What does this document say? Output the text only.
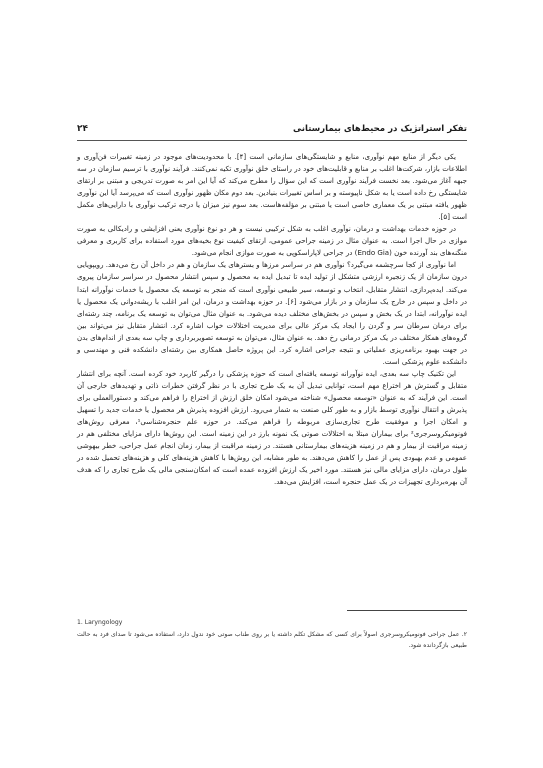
تفکر استراتژیک در محیط‌های بیمارستانی
۲۴

یکی دیگر از منابع مهم نوآوری، منابع و شایستگی‌های سازمانی است [۴]. با محدودیت‌های موجود در زمینه تغییرات فن‌آوری و اطلاعات بازار، شرکت‌ها اغلب بر منابع و قابلیت‌های خود در راستای خلق نوآوری تکیه نمی‌کنند. فرآیند نوآوری با ترسیم سازمان در سه جبهه آغاز می‌شود. بعد نخست فرآیند نوآوری است که این سؤال را مطرح می‌کند که آیا این امر به صورت تدریجی و مبتنی بر ارتقای شایستگی رخ داده است یا به شکل ناپیوسته و بر اساس تغییرات بنیادین. بعد دوم مکان ظهور نوآوری است که می‌پرسد آیا این نوآوری ظهور یافته مبتنی بر یک معماری خاصی است یا مبتنی بر مؤلفه‌هاست. بعد سوم نیز میزان یا درجه ترکیب نوآوری با دارایی‌های مکمل است [۵].

در حوزه خدمات بهداشت و درمان، نوآوری اغلب به شکل ترکیبی نیست و هر دو نوع نوآوری یعنی افزایشی و رادیکالی به صورت موازی در حال اجرا است. به عنوان مثال در زمینه جراحی عمومی، ارتقای کیفیت نوع بخیه‌های مورد استفاده برای کاربری و معرفی منگنه‌های بند آورنده خون (Endo Gia) در جراحی لاپاراسکوپی به صورت موازی انجام می‌شود.

اما نوآوری از کجا سرچشمه می‌گیرد؟ نوآوری هم در سراسر مرزها و بسترهای یک سازمان و هم در داخل آن رخ می‌دهد. رویپویایی درون سازمان از یک زنجیره ارزشی متشکل از تولید ایده تا تبدیل ایده به محصول و سپس انتشار محصول در سراسر سازمان پیروی می‌کند. ایده‌پردازی، انتشار متقابل، انتخاب و توسعه، سیر طبیعی نوآوری است که منجر به توسعه یک محصول یا خدمات نوآورانه ابتدا در داخل و سپس در خارج یک سازمان و در بازار می‌شود [۶]. در حوزه بهداشت و درمان، این امر اغلب با ریشه‌دوانی یک محصول یا ایده نوآورانه، ابتدا در یک بخش و سپس در بخش‌های مختلف دیده می‌شود. به عنوان مثال می‌توان به توسعه یک برنامه، چند رشته‌ای برای درمان سرطان سر و گردن را ایجاد یک مرکز عالی برای مدیریت اختلالات خواب اشاره کرد. انتشار متقابل نیز می‌تواند بین گروه‌های همکار مختلف در یک مرکز درمانی رخ دهد. به عنوان مثال، می‌توان به توسعه تصویربرداری و چاپ سه بعدی از اندام‌های بدن در جهت بهبود برنامه‌ریزی عملیاتی و نتیجه جراحی اشاره کرد. این پروژه حاصل همکاری بین رشته‌ای دانشکده فنی و مهندسی و دانشکده علوم پزشکی است.

این تکنیک چاپ سه بعدی، ایده نوآورانه توسعه یافته‌ای است که حوزه پزشکی را درگیر کاربرد خود کرده است. آنچه برای انتشار متقابل و گسترش هر اختراع مهم است، توانایی تبدیل آن به یک طرح تجاری با در نظر گرفتن خطرات ذاتی و تهدیدهای خارجی آن است. این فرآیند که به عنوان «توسعه محصول» شناخته می‌شود امکان خلق ارزش از اختراع را فراهم می‌کند و دستورالعملی برای پذیرش و انتقال نوآوری توسط بازار و به طور کلی صنعت به شمار می‌رود. ارزش افزوده پذیرش هر محصول یا خدمات جدید را تسهیل و امکان اجرا و موفقیت طرح تجاری‌سازی مربوطه را فراهم می‌کند. در حوزه علم حنجره‌شناسی¹، معرفی روش‌های فونومیکروسرجری² برای بیماران مبتلا به اختلالات صوتی یک نمونه بارز در این زمینه است. این روش‌ها دارای مزایای مختلفی هم در زمینه مراقبت از بیمار و هم در زمینه هزینه‌های بیمارستانی هستند. در زمینه مراقبت از بیمار، زمان انجام عمل جراحی، خطر بیهوشی عمومی و عدم بهبودی پس از عمل را کاهش می‌دهند. به طور مشابه، این روش‌ها با کاهش هزینه‌های کلی و هزینه‌های تحمیل شده در طول درمان، دارای مزایای مالی نیز هستند. مورد اخیر یک ارزش افزوده عمده است که امکان‌سنجی مالی یک طرح تجاری را که هدف آن بهره‌برداری تجهیزات در یک عمل حنجره است، افزایش می‌دهد.

1. Laryngology
۲. عمل جراحی فونومیکروسرجری اصولاً برای کسی که مشکل تکلم داشته یا بر روی طناب صوتی خود ندول دارد، استفاده می‌شود تا صدای فرد به حالت طبیعی بازگردانده شود.
